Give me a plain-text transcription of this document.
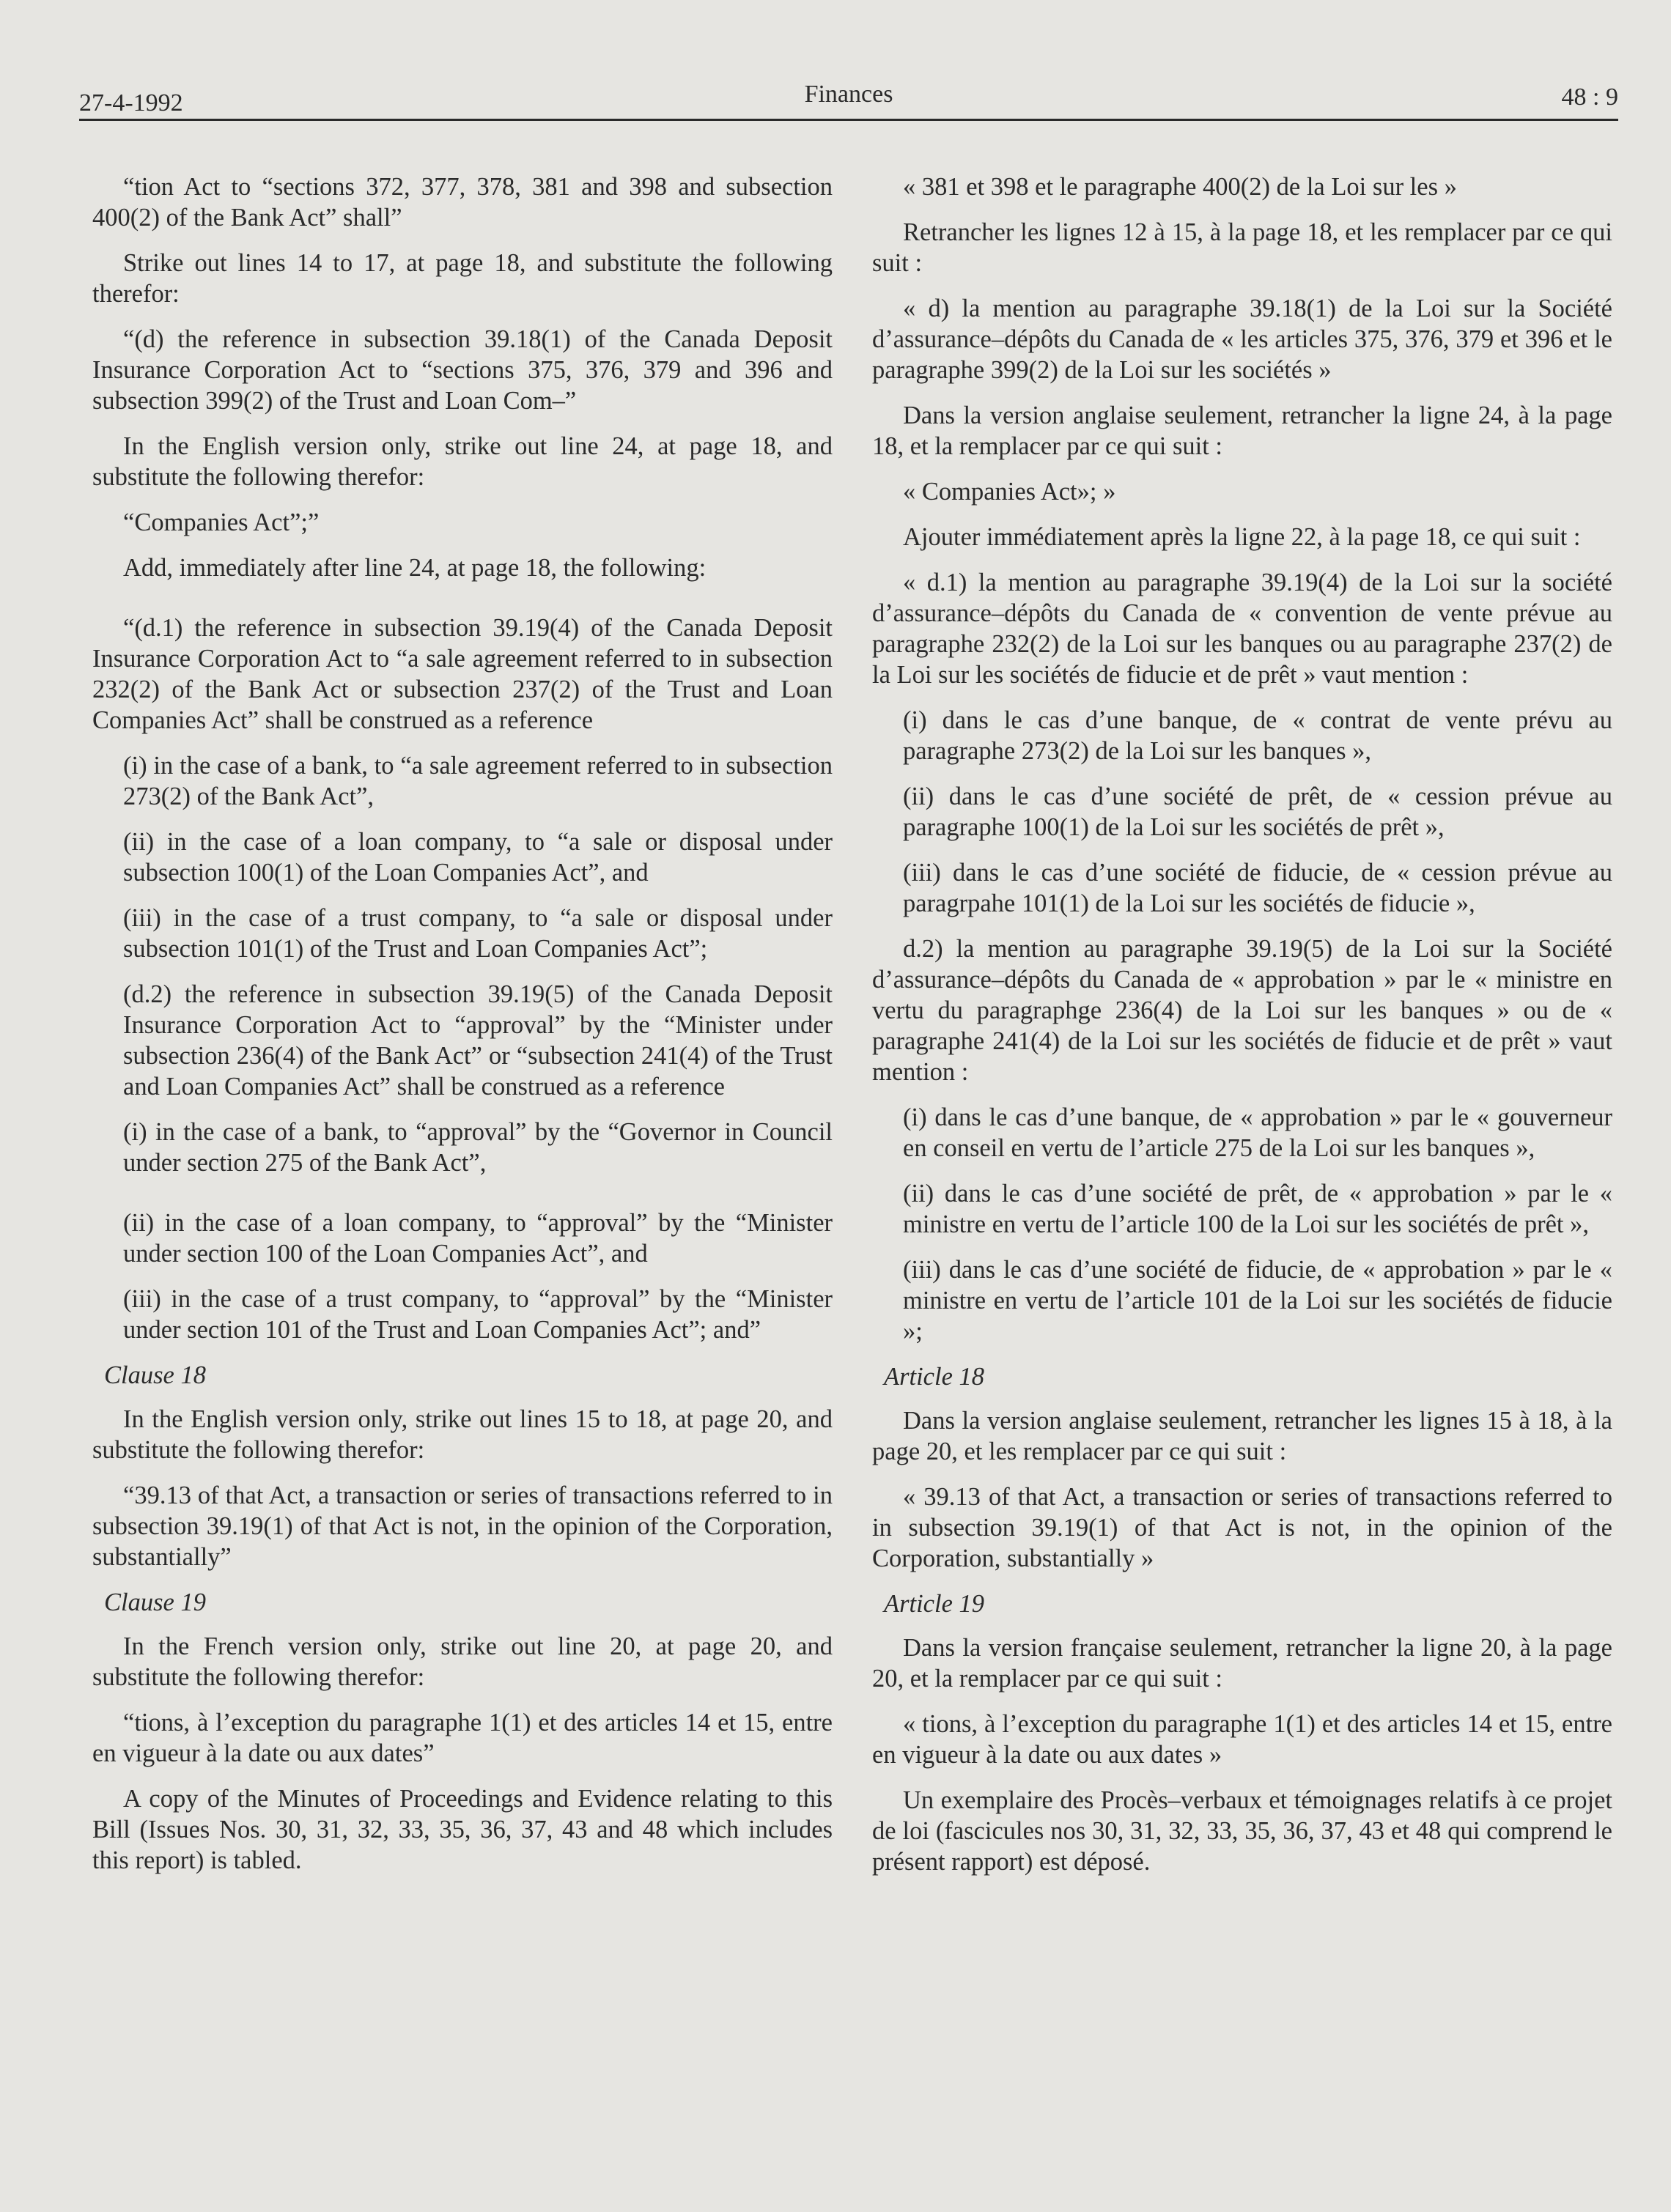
27-4-1992	Finances	48 : 9

“tion Act to “sections 372, 377, 378, 381 and 398 and subsection 400(2) of the Bank Act” shall”

Strike out lines 14 to 17, at page 18, and substitute the following therefor:

“(d) the reference in subsection 39.18(1) of the Canada Deposit Insurance Corporation Act to “sections 375, 376, 379 and 396 and subsection 399(2) of the Trust and Loan Com–”

In the English version only, strike out line 24, at page 18, and substitute the following therefor:

“Companies Act”;”

Add, immediately after line 24, at page 18, the following:

“(d.1) the reference in subsection 39.19(4) of the Canada Deposit Insurance Corporation Act to “a sale agreement referred to in subsection 232(2) of the Bank Act or subsection 237(2) of the Trust and Loan Companies Act” shall be construed as a reference

(i) in the case of a bank, to “a sale agreement referred to in subsection 273(2) of the Bank Act”,

(ii) in the case of a loan company, to “a sale or disposal under subsection 100(1) of the Loan Companies Act”, and

(iii) in the case of a trust company, to “a sale or disposal under subsection 101(1) of the Trust and Loan Companies Act”;

(d.2) the reference in subsection 39.19(5) of the Canada Deposit Insurance Corporation Act to “approval” by the “Minister under subsection 236(4) of the Bank Act” or “subsection 241(4) of the Trust and Loan Companies Act” shall be construed as a reference

(i) in the case of a bank, to “approval” by the “Governor in Council under section 275 of the Bank Act”,

(ii) in the case of a loan company, to “approval” by the “Minister under section 100 of the Loan Companies Act”, and

(iii) in the case of a trust company, to “approval” by the “Minister under section 101 of the Trust and Loan Companies Act”; and”

Clause 18

In the English version only, strike out lines 15 to 18, at page 20, and substitute the following therefor:

“39.13 of that Act, a transaction or series of transactions referred to in subsection 39.19(1) of that Act is not, in the opinion of the Corporation, substantially”

Clause 19

In the French version only, strike out line 20, at page 20, and substitute the following therefor:

“tions, à l’exception du paragraphe 1(1) et des articles 14 et 15, entre en vigueur à la date ou aux dates”

A copy of the Minutes of Proceedings and Evidence relating to this Bill (Issues Nos. 30, 31, 32, 33, 35, 36, 37, 43 and 48 which includes this report) is tabled.

« 381 et 398 et le paragraphe 400(2) de la Loi sur les »

Retrancher les lignes 12 à 15, à la page 18, et les remplacer par ce qui suit :

« d) la mention au paragraphe 39.18(1) de la Loi sur la Société d’assurance–dépôts du Canada de « les articles 375, 376, 379 et 396 et le paragraphe 399(2) de la Loi sur les sociétés »

Dans la version anglaise seulement, retrancher la ligne 24, à la page 18, et la remplacer par ce qui suit :

« Companies Act»; »

Ajouter immédiatement après la ligne 22, à la page 18, ce qui suit :

« d.1) la mention au paragraphe 39.19(4) de la Loi sur la société d’assurance–dépôts du Canada de « convention de vente prévue au paragraphe 232(2) de la Loi sur les banques ou au paragraphe 237(2) de la Loi sur les sociétés de fiducie et de prêt » vaut mention :

(i) dans le cas d’une banque, de « contrat de vente prévu au paragraphe 273(2) de la Loi sur les banques »,

(ii) dans le cas d’une société de prêt, de « cession prévue au paragraphe 100(1) de la Loi sur les sociétés de prêt »,

(iii) dans le cas d’une société de fiducie, de « cession prévue au paragrpahe 101(1) de la Loi sur les sociétés de fiducie »,

d.2) la mention au paragraphe 39.19(5) de la Loi sur la Société d’assurance–dépôts du Canada de « approbation » par le « ministre en vertu du paragraphge 236(4) de la Loi sur les banques » ou de « paragraphe 241(4) de la Loi sur les sociétés de fiducie et de prêt » vaut mention :

(i) dans le cas d’une banque, de « approbation » par le « gouverneur en conseil en vertu de l’article 275 de la Loi sur les banques »,

(ii) dans le cas d’une société de prêt, de « approbation » par le « ministre en vertu de l’article 100 de la Loi sur les sociétés de prêt »,

(iii) dans le cas d’une société de fiducie, de « approbation » par le « ministre en vertu de l’article 101 de la Loi sur les sociétés de fiducie »;

Article 18

Dans la version anglaise seulement, retrancher les lignes 15 à 18, à la page 20, et les remplacer par ce qui suit :

« 39.13 of that Act, a transaction or series of transactions referred to in subsection 39.19(1) of that Act is not, in the opinion of the Corporation, substantially »

Article 19

Dans la version française seulement, retrancher la ligne 20, à la page 20, et la remplacer par ce qui suit :

« tions, à l’exception du paragraphe 1(1) et des articles 14 et 15, entre en vigueur à la date ou aux dates »

Un exemplaire des Procès–verbaux et témoignages relatifs à ce projet de loi (fascicules nos 30, 31, 32, 33, 35, 36, 37, 43 et 48 qui comprend le présent rapport) est déposé.
